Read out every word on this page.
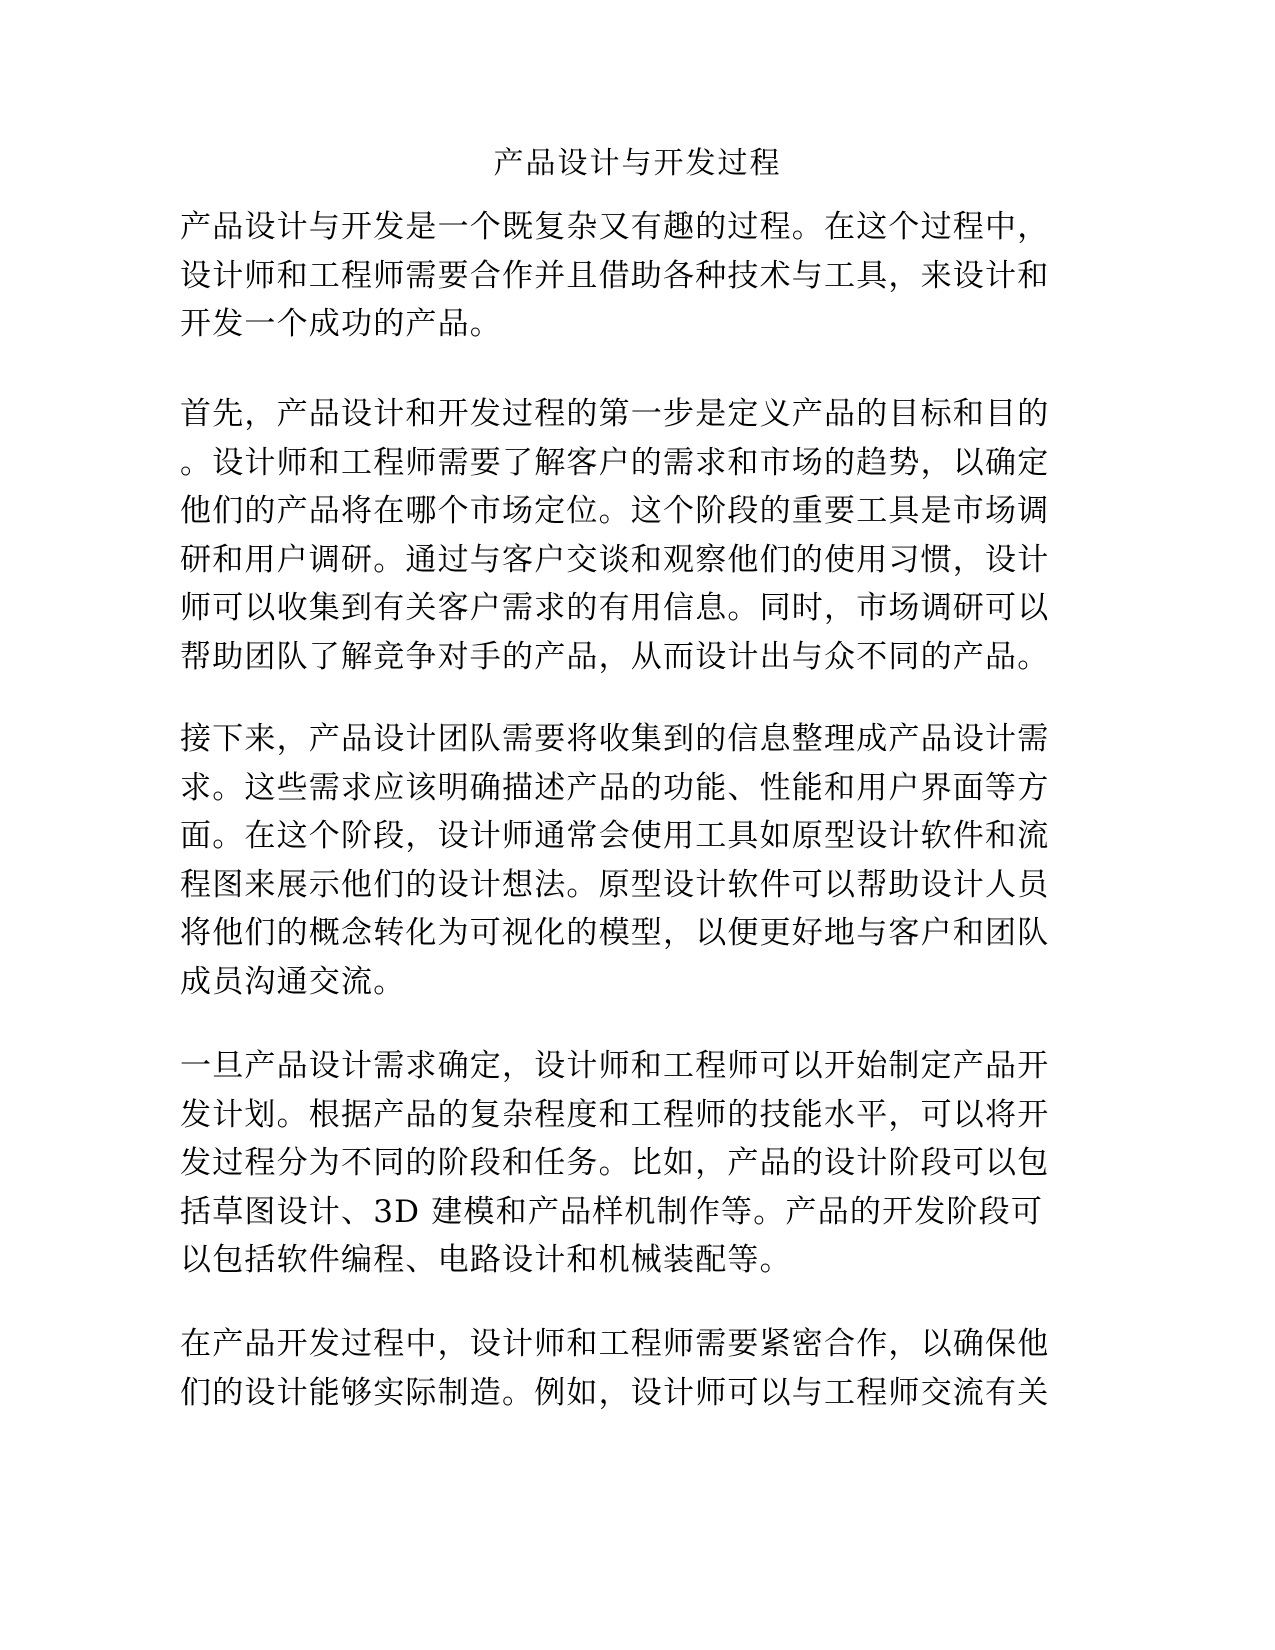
产品设计与开发过程
产品设计与开发是一个既复杂又有趣的过程。在这个过程中，
设计师和工程师需要合作并且借助各种技术与工具，来设计和
开发一个成功的产品。
首先，产品设计和开发过程的第一步是定义产品的目标和目的
。设计师和工程师需要了解客户的需求和市场的趋势，以确定
他们的产品将在哪个市场定位。这个阶段的重要工具是市场调
研和用户调研。通过与客户交谈和观察他们的使用习惯，设计
师可以收集到有关客户需求的有用信息。同时，市场调研可以
帮助团队了解竞争对手的产品，从而设计出与众不同的产品。
接下来，产品设计团队需要将收集到的信息整理成产品设计需
求。这些需求应该明确描述产品的功能、性能和用户界面等方
面。在这个阶段，设计师通常会使用工具如原型设计软件和流
程图来展示他们的设计想法。原型设计软件可以帮助设计人员
将他们的概念转化为可视化的模型，以便更好地与客户和团队
成员沟通交流。
一旦产品设计需求确定，设计师和工程师可以开始制定产品开
发计划。根据产品的复杂程度和工程师的技能水平，可以将开
发过程分为不同的阶段和任务。比如，产品的设计阶段可以包
括草图设计、3D 建模和产品样机制作等。产品的开发阶段可
以包括软件编程、电路设计和机械装配等。
在产品开发过程中，设计师和工程师需要紧密合作，以确保他
们的设计能够实际制造。例如，设计师可以与工程师交流有关
